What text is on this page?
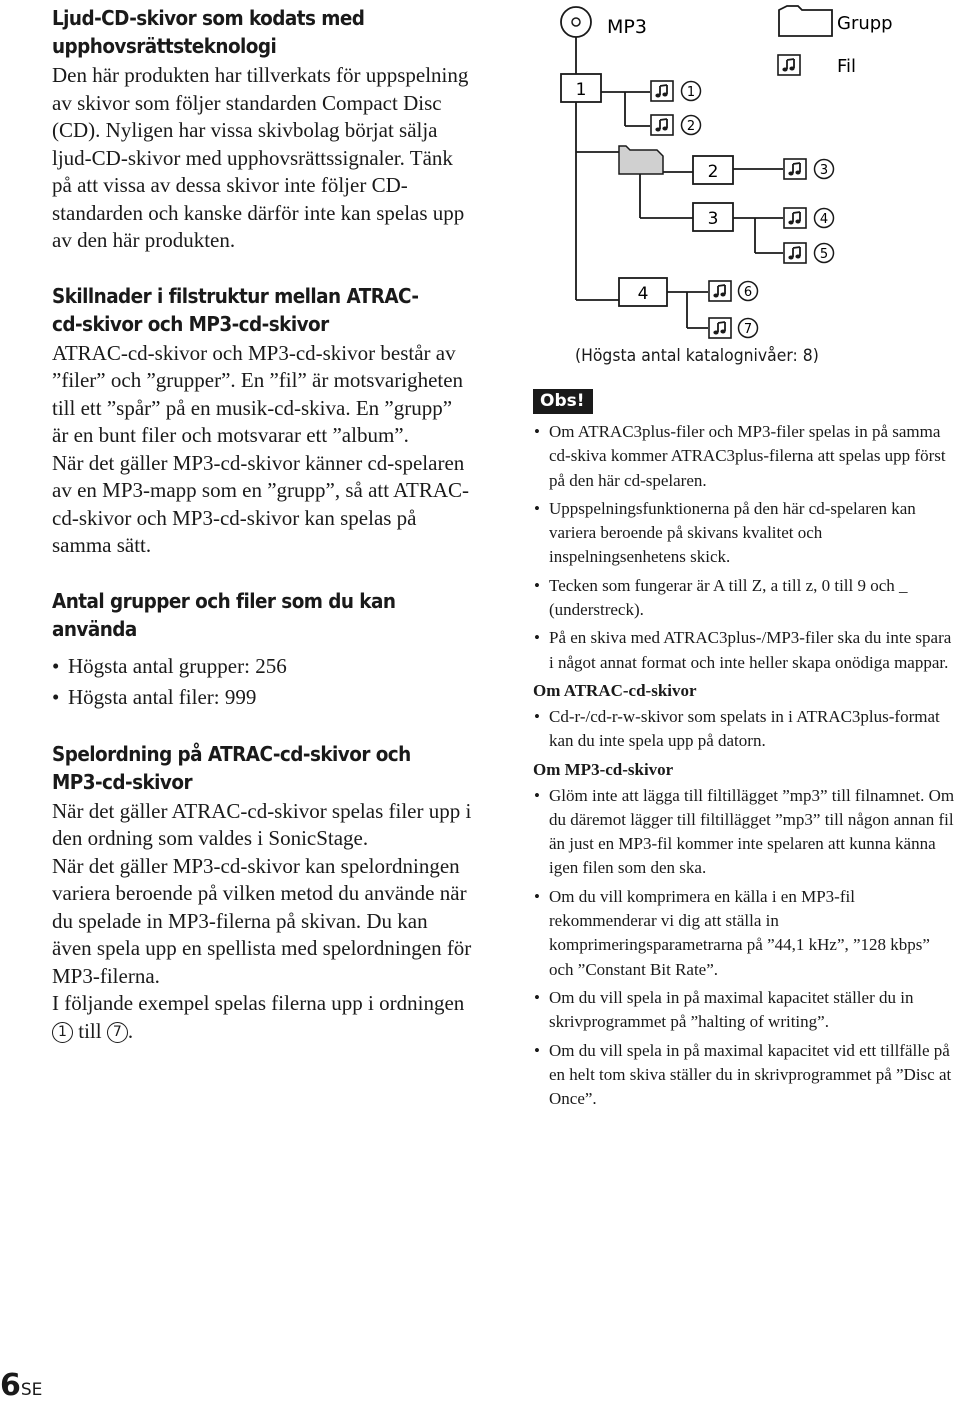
Ljud-CD-skivor som kodats med upphovsrättsteknologi

Den här produkten har tillverkats för uppspelning av skivor som följer standarden Compact Disc (CD). Nyligen har vissa skivbolag börjat sälja ljud-CD-skivor med upphovsrättssignaler. Tänk på att vissa av dessa skivor inte följer CD-standarden och kanske därför inte kan spelas upp av den här produkten.

Skillnader i filstruktur mellan ATRAC-cd-skivor och MP3-cd-skivor

ATRAC-cd-skivor och MP3-cd-skivor består av ”filer” och ”grupper”. En ”fil” är motsvarigheten till ett ”spår” på en musik-cd-skiva. En ”grupp” är en bunt filer och motsvarar ett ”album”.

När det gäller MP3-cd-skivor känner cd-spelaren av en MP3-mapp som en ”grupp”, så att ATRAC-cd-skivor och MP3-cd-skivor kan spelas på samma sätt.

Antal grupper och filer som du kan använda
• Högsta antal grupper: 256
• Högsta antal filer: 999
Spelordning på ATRAC-cd-skivor och MP3-cd-skivor

När det gäller ATRAC-cd-skivor spelas filer upp i den ordning som valdes i SonicStage.

När det gäller MP3-cd-skivor kan spelordningen variera beroende på vilken metod du använde när du spelade in MP3-filerna på skivan. Du kan även spela upp en spellista med spelordningen för MP3-filerna.

I följande exempel spelas filerna upp i ordningen 1 till 7 .

MP3	Grupp
Fil
1
2
3
4
1
2
3
4
5
6
7
(Högsta antal katalognivåer: 8)
Obs!
• Om ATRAC3plus-filer och MP3-filer spelas in på samma cd-skiva kommer ATRAC3plus-filerna att spelas upp först på den här cd-spelaren.
• Uppspelningsfunktionerna på den här cd-spelaren kan variera beroende på skivans kvalitet och inspelningsenhetens skick.
• Tecken som fungerar är A till Z, a till z, 0 till 9 och _ (understreck).
• På en skiva med ATRAC3plus-/MP3-filer ska du inte spara i något annat format och inte heller skapa onödiga mappar.
Om ATRAC-cd-skivor
• Cd-r-/cd-r-w-skivor som spelats in i ATRAC3plus-format kan du inte spela upp på datorn.
Om MP3-cd-skivor
• Glöm inte att lägga till filtillägget ”mp3” till filnamnet. Om du däremot lägger till filtillägget ”mp3” till någon annan fil än just en MP3-fil kommer inte spelaren att kunna känna igen filen som den ska.
• Om du vill komprimera en källa i en MP3-fil rekommenderar vi dig att ställa in komprimeringsparametrarna på ”44,1 kHz”, ”128 kbps” och ”Constant Bit Rate”.
• Om du vill spela in på maximal kapacitet ställer du in skrivprogrammet på ”halting of writing”.
• Om du vill spela in på maximal kapacitet vid ett tillfälle på en helt tom skiva ställer du in skrivprogrammet på ”Disc at Once”.
6SE
